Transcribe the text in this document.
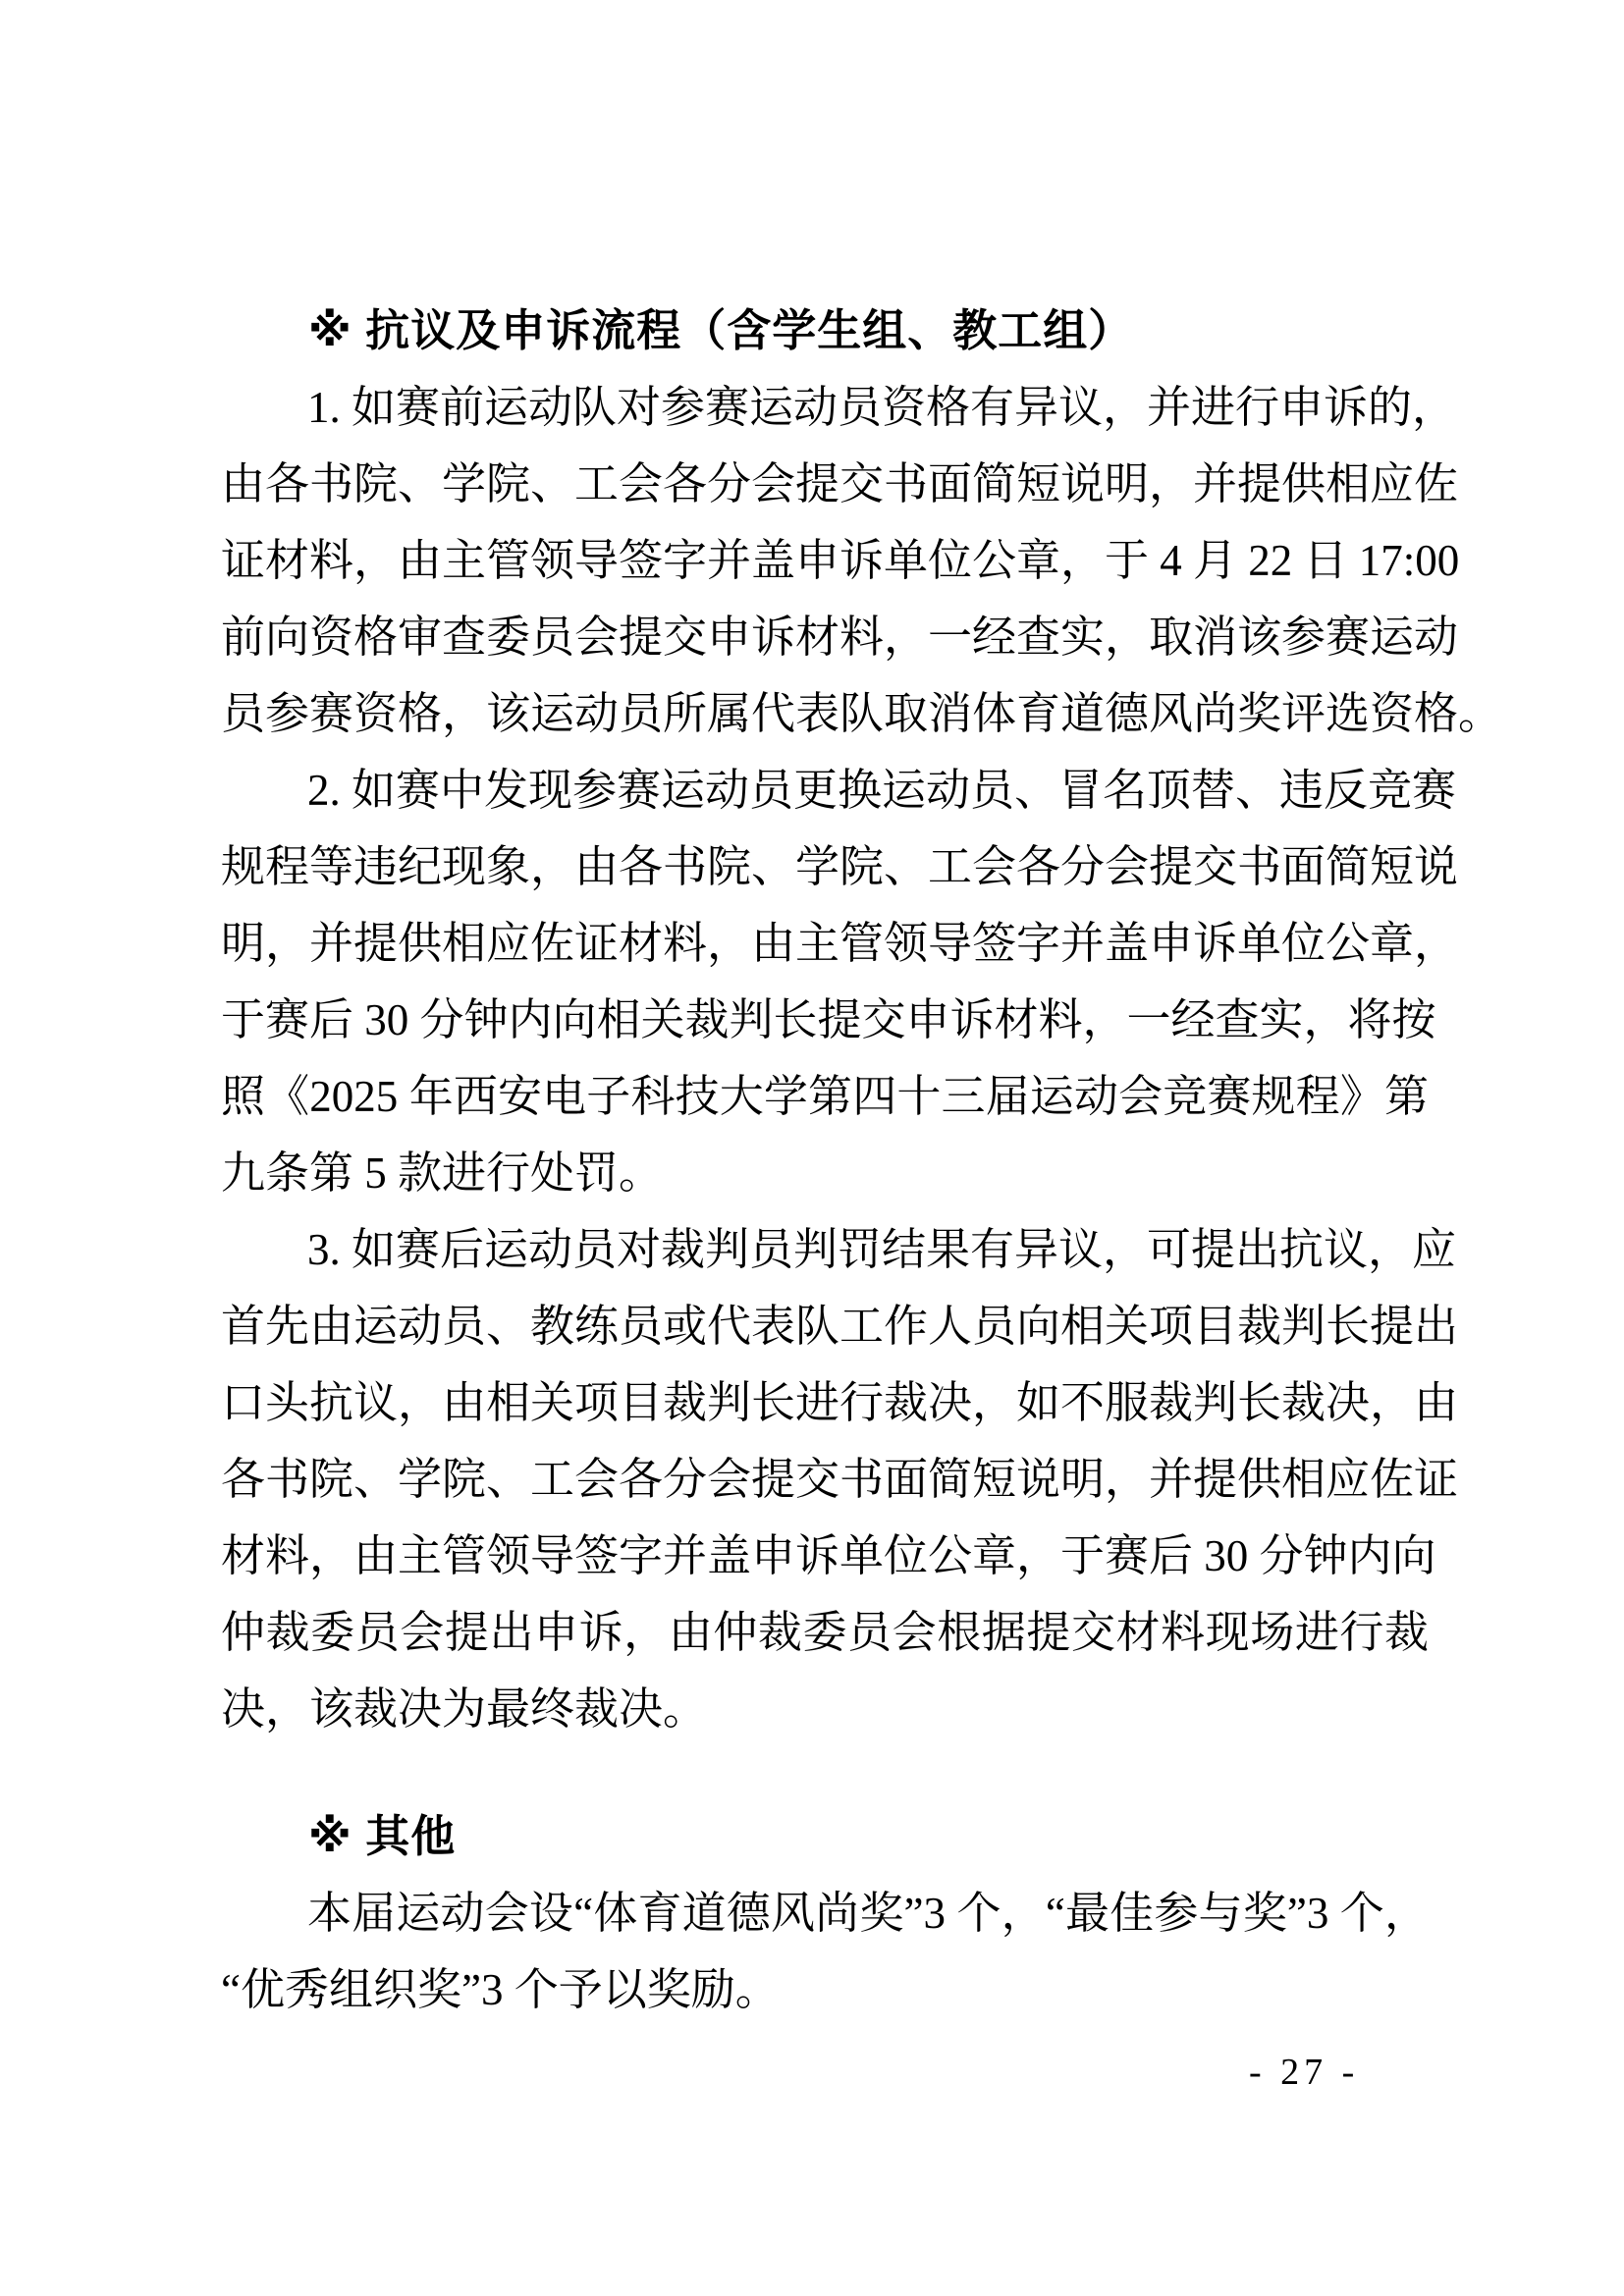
※ 抗议及申诉流程（含学生组、教工组）
1. 如赛前运动队对参赛运动员资格有异议，并进行申诉的，
由各书院、学院、工会各分会提交书面简短说明，并提供相应佐
证材料，由主管领导签字并盖申诉单位公章，于 4 月 22 日 17:00
前向资格审查委员会提交申诉材料，一经查实，取消该参赛运动
员参赛资格，该运动员所属代表队取消体育道德风尚奖评选资格。
2. 如赛中发现参赛运动员更换运动员、冒名顶替、违反竞赛
规程等违纪现象，由各书院、学院、工会各分会提交书面简短说
明，并提供相应佐证材料，由主管领导签字并盖申诉单位公章，
于赛后 30 分钟内向相关裁判长提交申诉材料，一经查实，将按
照《2025 年西安电子科技大学第四十三届运动会竞赛规程》第
九条第 5 款进行处罚。
3. 如赛后运动员对裁判员判罚结果有异议，可提出抗议，应
首先由运动员、教练员或代表队工作人员向相关项目裁判长提出
口头抗议，由相关项目裁判长进行裁决，如不服裁判长裁决，由
各书院、学院、工会各分会提交书面简短说明，并提供相应佐证
材料，由主管领导签字并盖申诉单位公章，于赛后 30 分钟内向
仲裁委员会提出申诉，由仲裁委员会根据提交材料现场进行裁
决，该裁决为最终裁决。
※ 其他
本届运动会设“体育道德风尚奖”3 个，“最佳参与奖”3 个，
“优秀组织奖”3 个予以奖励。
- 27 -
